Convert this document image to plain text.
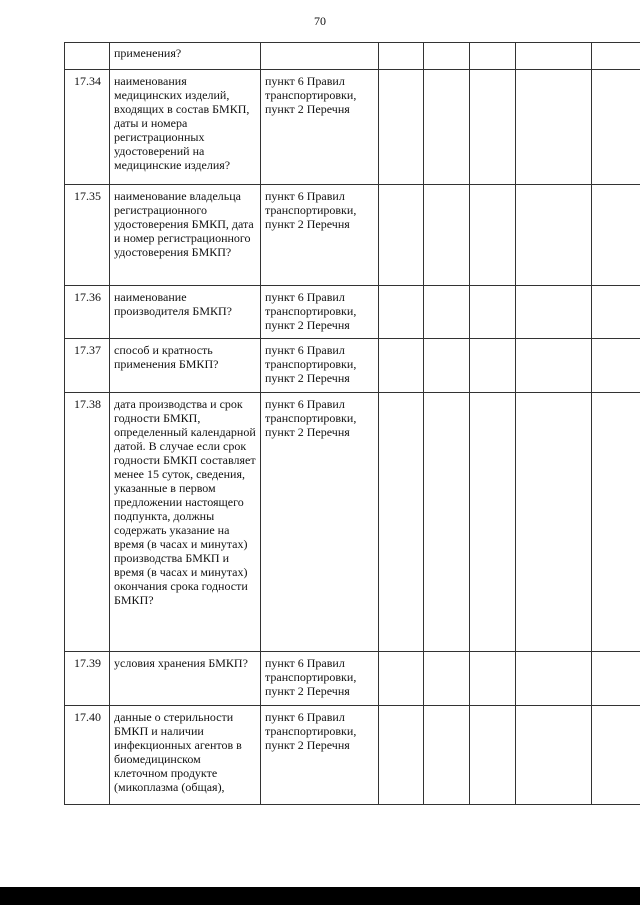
70
	применения?						
17.34	наименования медицинских изделий, входящих в состав БМКП, даты и номера регистрационных удостоверений на медицинские изделия?	пункт 6 Правил транспортировки, пункт 2 Перечня					
17.35	наименование владельца регистрационного удостоверения БМКП, дата и номер регистрационного удостоверения БМКП?	пункт 6 Правил транспортировки, пункт 2 Перечня					
17.36	наименование производителя БМКП?	пункт 6 Правил транспортировки, пункт 2 Перечня					
17.37	способ и кратность применения БМКП?	пункт 6 Правил транспортировки, пункт 2 Перечня					
17.38	дата производства и срок годности БМКП, определенный календарной датой. В случае если срок годности БМКП составляет менее 15 суток, сведения, указанные в первом предложении настоящего подпункта, должны содержать указание на время (в часах и минутах) производства БМКП и время (в часах и минутах) окончания срока годности БМКП?	пункт 6 Правил транспортировки, пункт 2 Перечня					
17.39	условия хранения БМКП?	пункт 6 Правил транспортировки, пункт 2 Перечня					
17.40	данные о стерильности БМКП и наличии инфекционных агентов в биомедицинском клеточном продукте (микоплазма (общая),	пункт 6 Правил транспортировки, пункт 2 Перечня					
